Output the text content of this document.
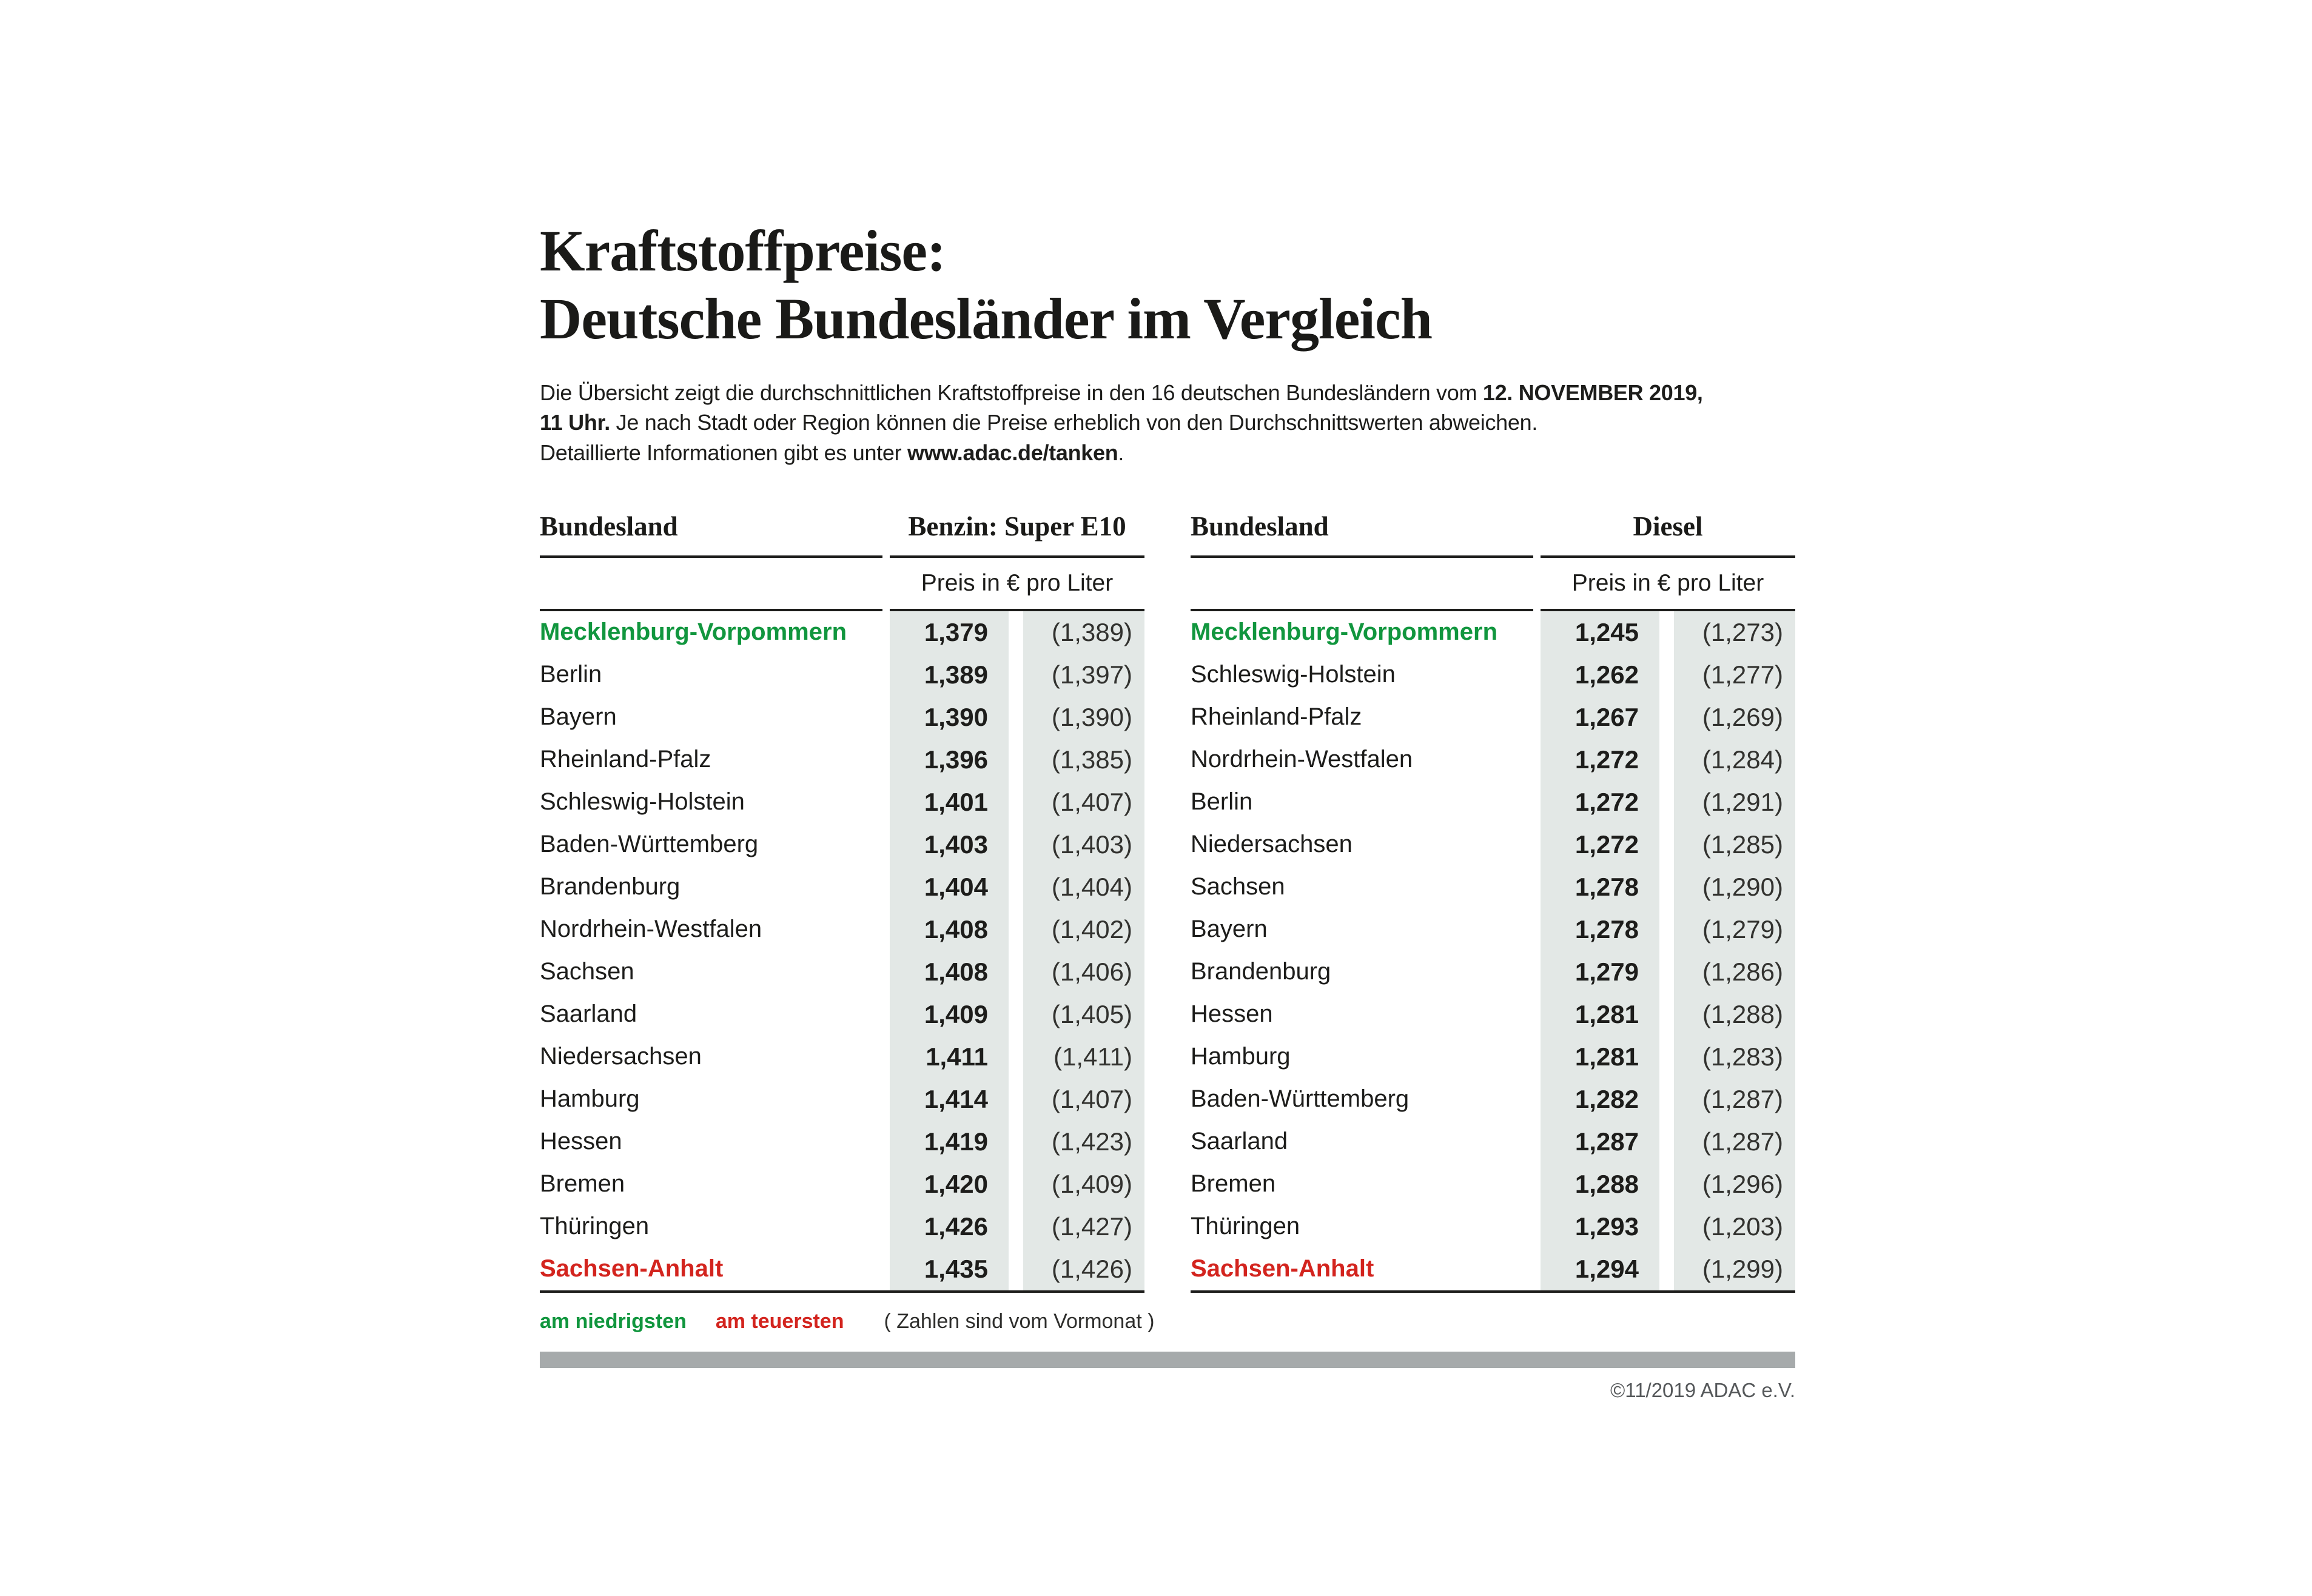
Kraftstoffpreise:
Deutsche Bundesländer im Vergleich

Die Übersicht zeigt die durchschnittlichen Kraftstoffpreise in den 16 deutschen Bundesländern vom 12. NOVEMBER 2019,
11 Uhr. Je nach Stadt oder Region können die Preise erheblich von den Durchschnittswerten abweichen.
Detaillierte Informationen gibt es unter www.adac.de/tanken.

Bundesland	Benzin: Super E10
Preis in € pro Liter
Mecklenburg-Vorpommern	1,379	(1,389)
Berlin	1,389	(1,397)
Bayern	1,390	(1,390)
Rheinland-Pfalz	1,396	(1,385)
Schleswig-Holstein	1,401	(1,407)
Baden-Württemberg	1,403	(1,403)
Brandenburg	1,404	(1,404)
Nordrhein-Westfalen	1,408	(1,402)
Sachsen	1,408	(1,406)
Saarland	1,409	(1,405)
Niedersachsen	1,411	(1,411)
Hamburg	1,414	(1,407)
Hessen	1,419	(1,423)
Bremen	1,420	(1,409)
Thüringen	1,426	(1,427)
Sachsen-Anhalt	1,435	(1,426)
Bundesland	Diesel
Preis in € pro Liter
Mecklenburg-Vorpommern	1,245	(1,273)
Schleswig-Holstein	1,262	(1,277)
Rheinland-Pfalz	1,267	(1,269)
Nordrhein-Westfalen	1,272	(1,284)
Berlin	1,272	(1,291)
Niedersachsen	1,272	(1,285)
Sachsen	1,278	(1,290)
Bayern	1,278	(1,279)
Brandenburg	1,279	(1,286)
Hessen	1,281	(1,288)
Hamburg	1,281	(1,283)
Baden-Württemberg	1,282	(1,287)
Saarland	1,287	(1,287)
Bremen	1,288	(1,296)
Thüringen	1,293	(1,203)
Sachsen-Anhalt	1,294	(1,299)
am niedrigsten am teuersten ( Zahlen sind vom Vormonat )
©11/2019 ADAC e.V.
